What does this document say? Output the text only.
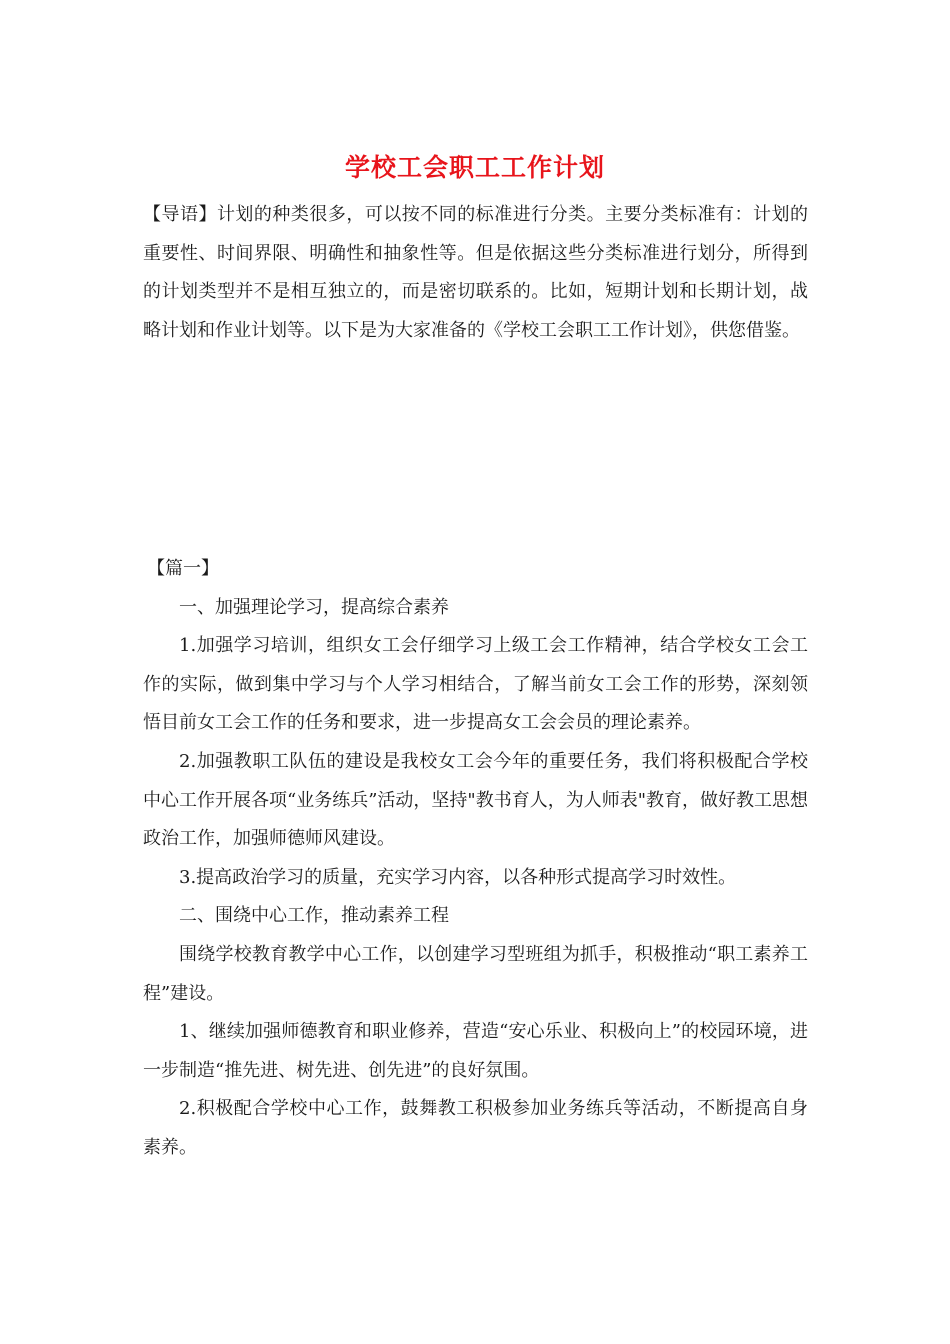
学校工会职工工作计划

【导语】计划的种类很多，可以按不同的标准进行分类。主要分类标准有：计划的重要性、时间界限、明确性和抽象性等。但是依据这些分类标准进行划分，所得到的计划类型并不是相互独立的，而是密切联系的。比如，短期计划和长期计划，战略计划和作业计划等。以下是为大家准备的《学校工会职工工作计划》，供您借鉴。

【篇一】

一、加强理论学习，提高综合素养

1.加强学习培训，组织女工会仔细学习上级工会工作精神，结合学校女工会工作的实际，做到集中学习与个人学习相结合，了解当前女工会工作的形势，深刻领悟目前女工会工作的任务和要求，进一步提高女工会会员的理论素养。

2.加强教职工队伍的建设是我校女工会今年的重要任务，我们将积极配合学校中心工作开展各项“业务练兵”活动，坚持"教书育人，为人师表"教育，做好教工思想政治工作，加强师德师风建设。

3.提高政治学习的质量，充实学习内容，以各种形式提高学习时效性。

二、围绕中心工作，推动素养工程

围绕学校教育教学中心工作，以创建学习型班组为抓手，积极推动“职工素养工程”建设。

1、继续加强师德教育和职业修养，营造“安心乐业、积极向上”的校园环境，进一步制造“推先进、树先进、创先进”的良好氛围。

2.积极配合学校中心工作，鼓舞教工积极参加业务练兵等活动，不断提高自身素养。
